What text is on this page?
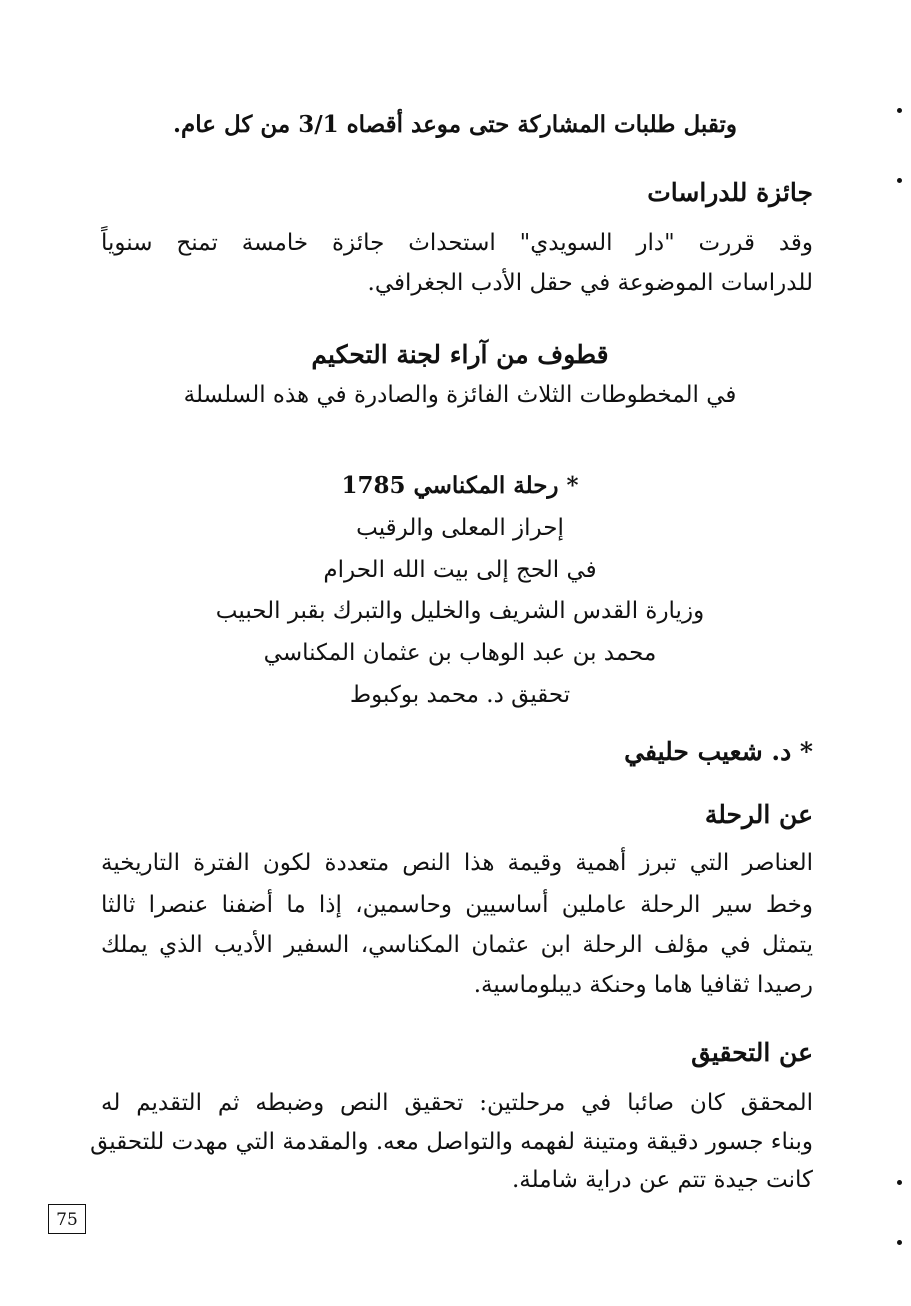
وتقبل طلبات المشاركة حتى موعد أقصاه 3/1 من كل عام.
جائزة للدراسات
وقد قررت "دار السويدي" استحداث جائزة خامسة تمنح سنوياً
للدراسات الموضوعة في حقل الأدب الجغرافي.
قطوف من آراء لجنة التحكيم
في المخطوطات الثلاث الفائزة والصادرة في هذه السلسلة
* رحلة المكناسي 1785
إحراز المعلى والرقيب
في الحج إلى بيت الله الحرام
وزيارة القدس الشريف والخليل والتبرك بقبر الحبيب
محمد بن عبد الوهاب بن عثمان المكناسي
تحقيق د. محمد بوكبوط
* د. شعيب حليفي
عن الرحلة
العناصر التي تبرز أهمية وقيمة هذا النص متعددة لكون الفترة التاريخية
وخط سير الرحلة عاملين أساسيين وحاسمين، إذا ما أضفنا عنصرا ثالثا
يتمثل في مؤلف الرحلة ابن عثمان المكناسي، السفير الأديب الذي يملك
رصيدا ثقافيا هاما وحنكة ديبلوماسية.
عن التحقيق
المحقق كان صائبا في مرحلتين: تحقيق النص وضبطه ثم التقديم له
وبناء جسور دقيقة ومتينة لفهمه والتواصل معه. والمقدمة التي مهدت للتحقيق
كانت جيدة تتم عن دراية شاملة.
75
